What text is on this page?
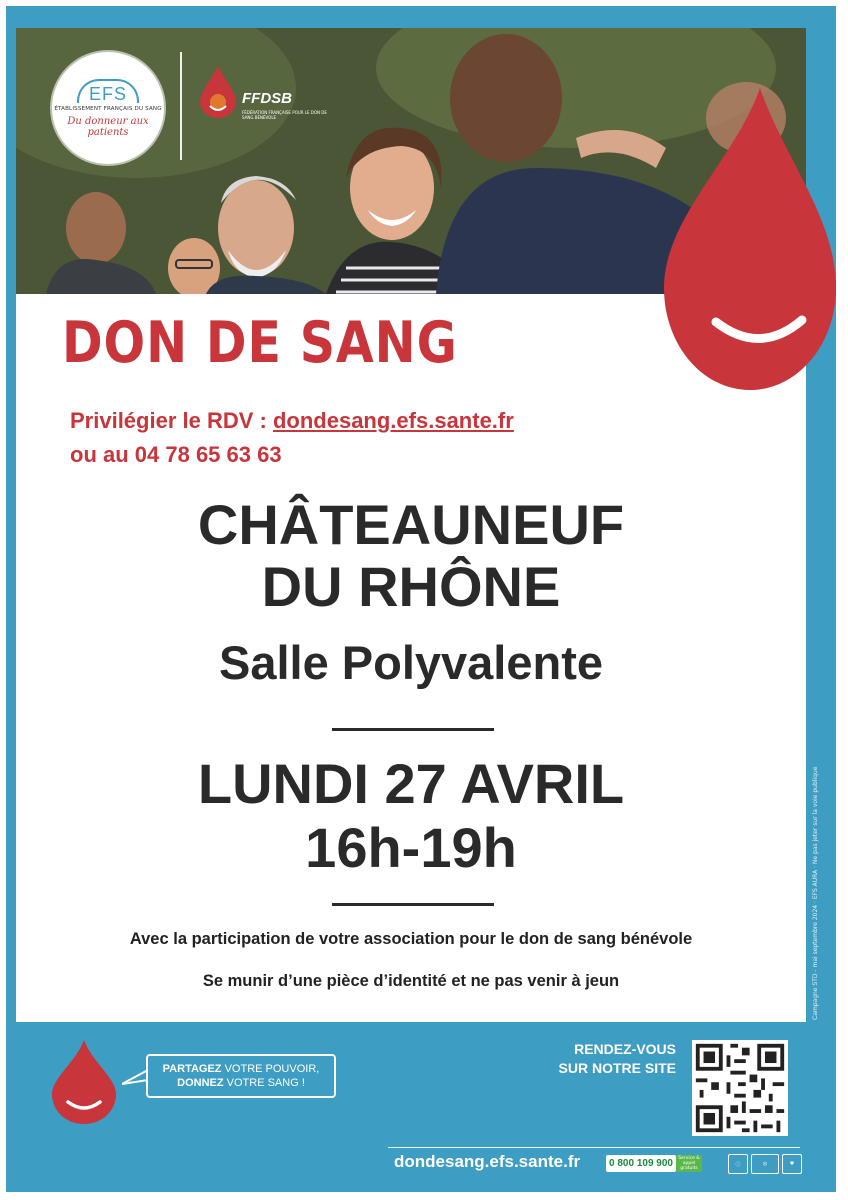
EFS
ÉTABLISSEMENT FRANÇAIS DU SANG
Du donneur aux patients
FFDSB
FÉDÉRATION FRANÇAISE POUR LE DON DE SANG BÉNÉVOLE
DON DE SANG
Privilégier le RDV : dondesang.efs.sante.fr
ou au 04 78 65 63 63
CHÂTEAUNEUF
DU RHÔNE
Salle Polyvalente
LUNDI 27 AVRIL
16h-19h
Avec la participation de votre association pour le don de sang bénévole
Se munir d’une pièce d’identité et ne pas venir à jeun	Campagne STD - mai septembre 2024 · EFS AURA · Ne pas jeter sur la voie publique
PARTAGEZ VOTRE POUVOIR,
DONNEZ VOTRE SANG !
RENDEZ-VOUS
SUR NOTRE SITE
dondesang.efs.sante.fr	0 800 109 900	Service & appel gratuits
ⓘ	◎	♥
